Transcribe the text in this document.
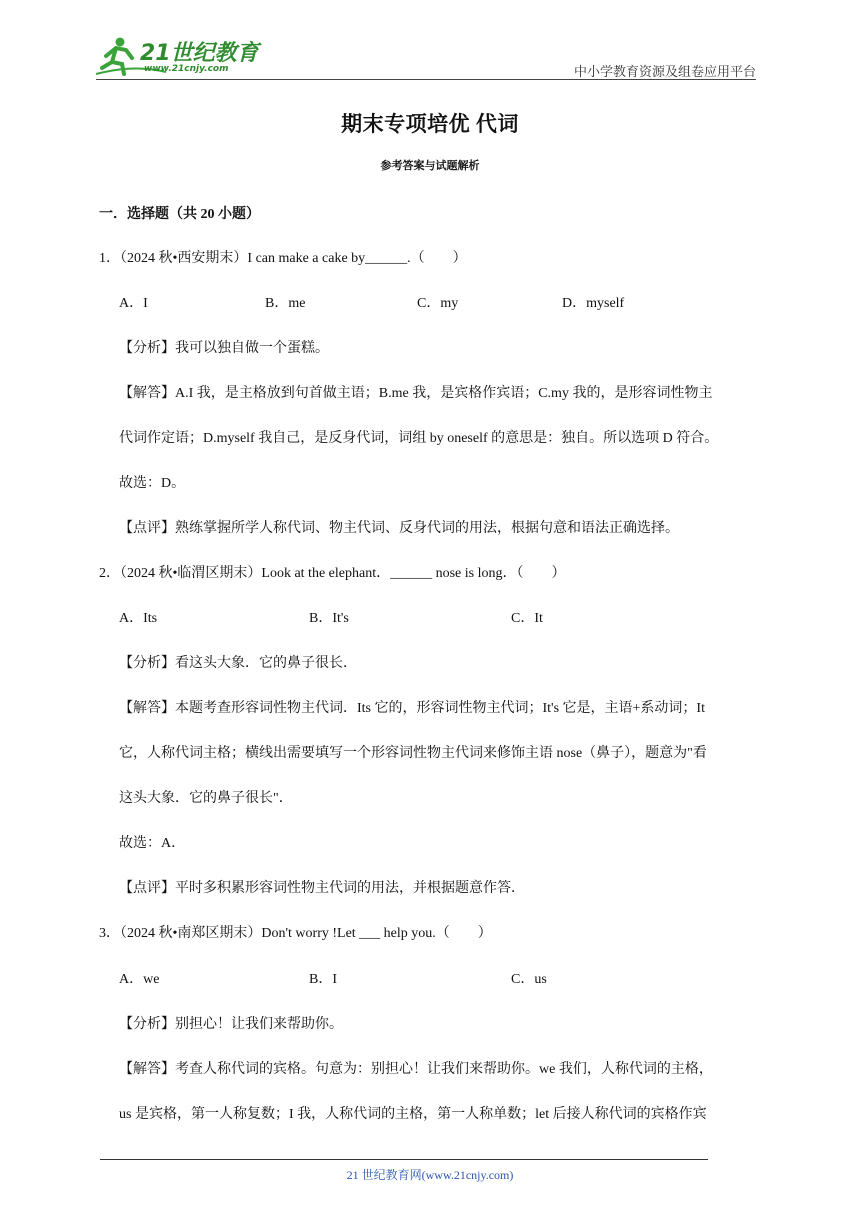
21世纪教育
www.21cnjy.com	中小学教育资源及组卷应用平台
期末专项培优 代词
参考答案与试题解析
一．选择题（共 20 小题）
1．（2024 秋•西安期末）I can make a cake by______.（　　）
A．I	B．me	C．my	D．myself
【分析】我可以独自做一个蛋糕。
【解答】A.I 我，是主格放到句首做主语；B.me 我，是宾格作宾语；C.my 我的，是形容词性物主
代词作定语；D.myself 我自己，是反身代词，词组 by oneself 的意思是：独自。所以选项 D 符合。
故选：D。
【点评】熟练掌握所学人称代词、物主代词、反身代词的用法，根据句意和语法正确选择。
2．（2024 秋•临渭区期末）Look at the elephant．______ nose is long．（　　）
A．Its	B．It's	C．It
【分析】看这头大象．它的鼻子很长．
【解答】本题考查形容词性物主代词．Its 它的，形容词性物主代词；It's 它是，主语+系动词；It
它，人称代词主格；横线出需要填写一个形容词性物主代词来修饰主语 nose（鼻子），题意为"看
这头大象．它的鼻子很长"．
故选：A．
【点评】平时多积累形容词性物主代词的用法，并根据题意作答．
3．（2024 秋•南郑区期末）Don't worry !Let ___ help you.（　　）
A．we	B．I	C．us
【分析】别担心！让我们来帮助你。
【解答】考查人称代词的宾格。句意为：别担心！让我们来帮助你。we 我们，人称代词的主格，
us 是宾格，第一人称复数；I 我，人称代词的主格，第一人称单数；let 后接人称代词的宾格作宾
21 世纪教育网(www.21cnjy.com)
